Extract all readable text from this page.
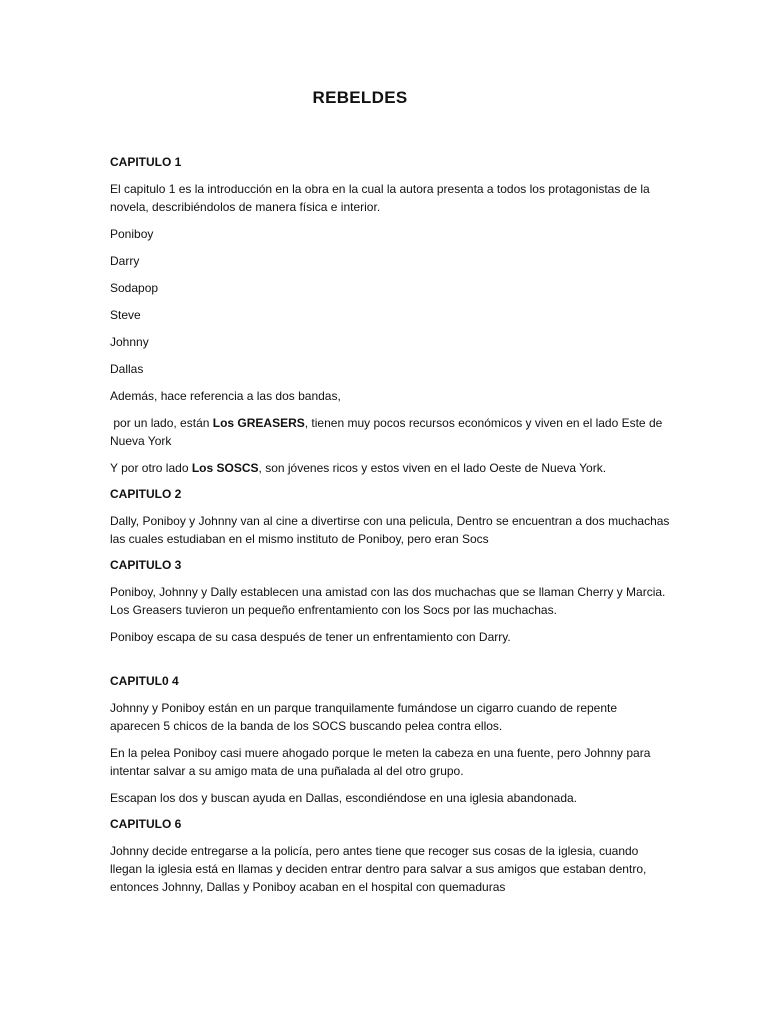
REBELDES
CAPITULO 1
El capitulo 1 es la introducción en la obra en la cual la autora presenta a todos los protagonistas de la novela, describiéndolos de manera física e interior.
Poniboy
Darry
Sodapop
Steve
Johnny
Dallas
Además, hace referencia a las dos bandas,
por un lado, están Los GREASERS, tienen muy pocos recursos económicos y viven en el lado Este de Nueva York
Y por otro lado Los SOSCS, son jóvenes ricos y estos viven en el lado Oeste de Nueva York.
CAPITULO 2
Dally, Poniboy y Johnny van al cine a divertirse con una pelicula, Dentro se encuentran a dos muchachas las cuales estudiaban en el mismo instituto de Poniboy, pero eran Socs
CAPITULO 3
Poniboy, Johnny y Dally establecen una amistad con las dos muchachas que se llaman Cherry y Marcia. Los Greasers tuvieron un pequeño enfrentamiento con los Socs por las muchachas.
Poniboy escapa de su casa después de tener un enfrentamiento con Darry.
CAPITUL0 4
Johnny y Poniboy están en un parque tranquilamente fumándose un cigarro cuando de repente aparecen 5 chicos de la banda de los SOCS buscando pelea contra ellos.
En la pelea Poniboy casi muere ahogado porque le meten la cabeza en una fuente, pero Johnny para intentar salvar a su amigo mata de una puñalada al del otro grupo.
Escapan los dos y buscan ayuda en Dallas, escondiéndose en una iglesia abandonada.
CAPITULO 6
Johnny decide entregarse a la policía, pero antes tiene que recoger sus cosas de la iglesia, cuando llegan la iglesia está en llamas y deciden entrar dentro para salvar a sus amigos que estaban dentro, entonces Johnny, Dallas y Poniboy acaban en el hospital con quemaduras
